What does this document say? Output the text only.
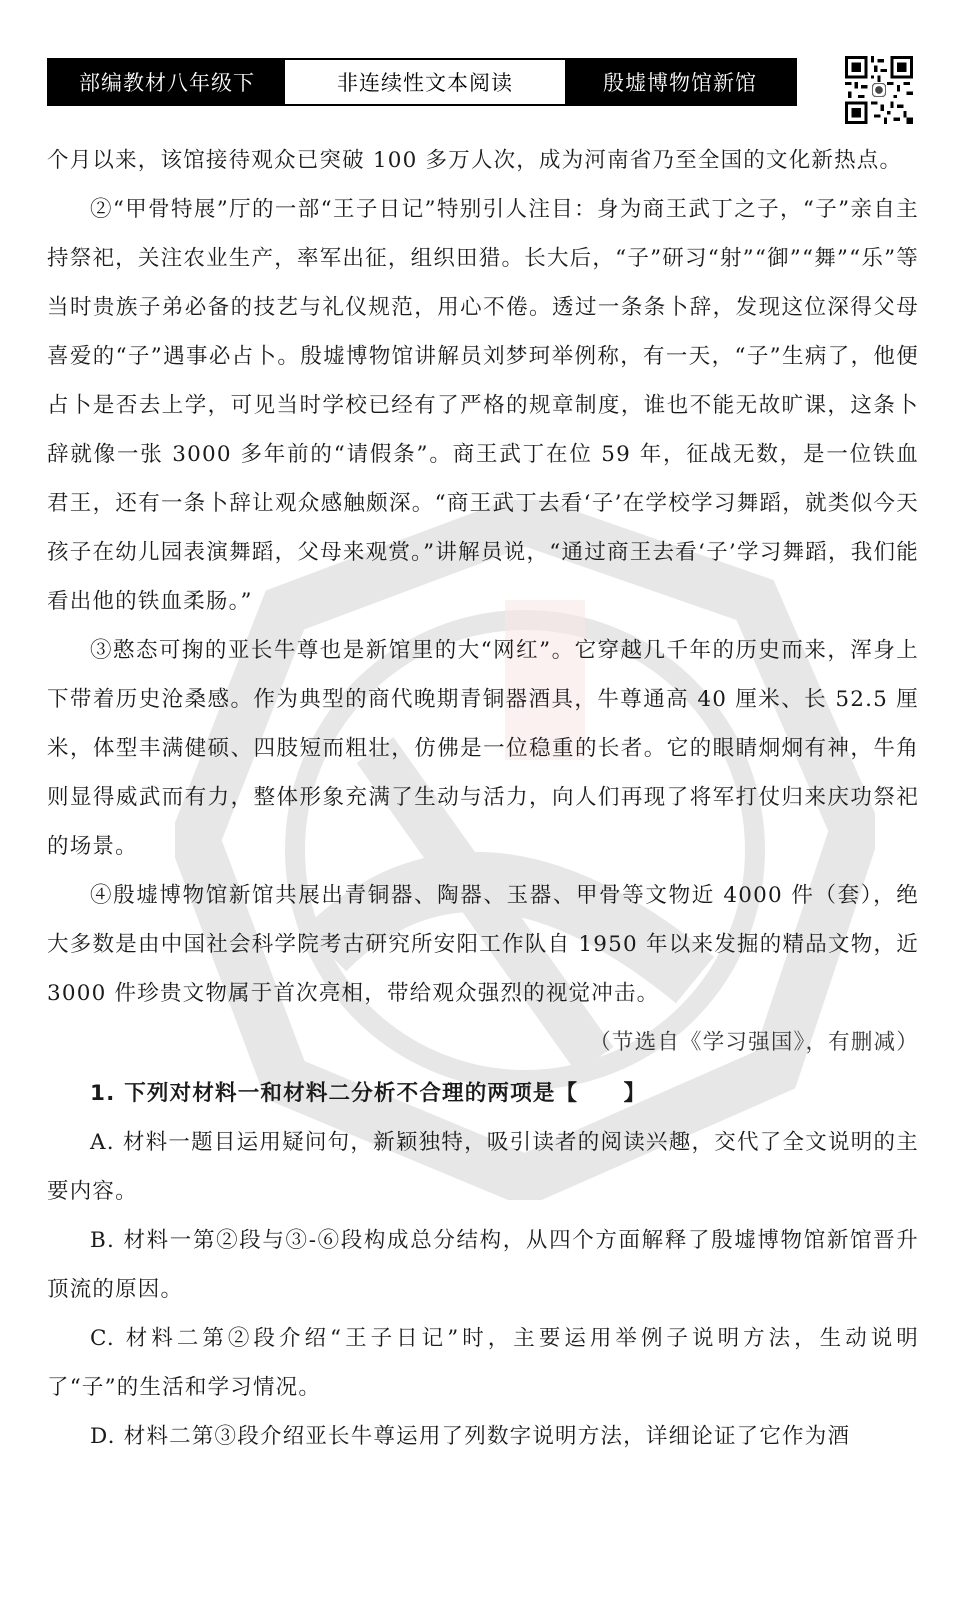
部编教材八年级下	非连续性文本阅读	殷墟博物馆新馆

个月以来，该馆接待观众已突破 100 多万人次，成为河南省乃至全国的文化新热点。

②“甲骨特展”厅的一部“王子日记”特别引人注目：身为商王武丁之子，“子”亲自主持祭祀，关注农业生产，率军出征，组织田猎。长大后，“子”研习“射”“御”“舞”“乐”等当时贵族子弟必备的技艺与礼仪规范，用心不倦。透过一条条卜辞，发现这位深得父母喜爱的“子”遇事必占卜。殷墟博物馆讲解员刘梦珂举例称，有一天，“子”生病了，他便占卜是否去上学，可见当时学校已经有了严格的规章制度，谁也不能无故旷课，这条卜辞就像一张 3000 多年前的“请假条”。商王武丁在位 59 年，征战无数，是一位铁血君王，还有一条卜辞让观众感触颇深。“商王武丁去看‘子’在学校学习舞蹈，就类似今天孩子在幼儿园表演舞蹈，父母来观赏。”讲解员说，“通过商王去看‘子’学习舞蹈，我们能看出他的铁血柔肠。”

③憨态可掬的亚长牛尊也是新馆里的大“网红”。它穿越几千年的历史而来，浑身上下带着历史沧桑感。作为典型的商代晚期青铜器酒具，牛尊通高 40 厘米、长 52.5 厘米，体型丰满健硕、四肢短而粗壮，仿佛是一位稳重的长者。它的眼睛炯炯有神，牛角则显得威武而有力，整体形象充满了生动与活力，向人们再现了将军打仗归来庆功祭祀的场景。

④殷墟博物馆新馆共展出青铜器、陶器、玉器、甲骨等文物近 4000 件（套），绝大多数是由中国社会科学院考古研究所安阳工作队自 1950 年以来发掘的精品文物，近 3000 件珍贵文物属于首次亮相，带给观众强烈的视觉冲击。

（节选自《学习强国》，有删减）

1. 下列对材料一和材料二分析不合理的两项是【　　】

A. 材料一题目运用疑问句，新颖独特，吸引读者的阅读兴趣，交代了全文说明的主要内容。

B. 材料一第②段与③-⑥段构成总分结构，从四个方面解释了殷墟博物馆新馆晋升顶流的原因。

C. 材料二第②段介绍“王子日记”时，主要运用举例子说明方法，生动说明了“子”的生活和学习情况。

D. 材料二第③段介绍亚长牛尊运用了列数字说明方法，详细论证了它作为酒
